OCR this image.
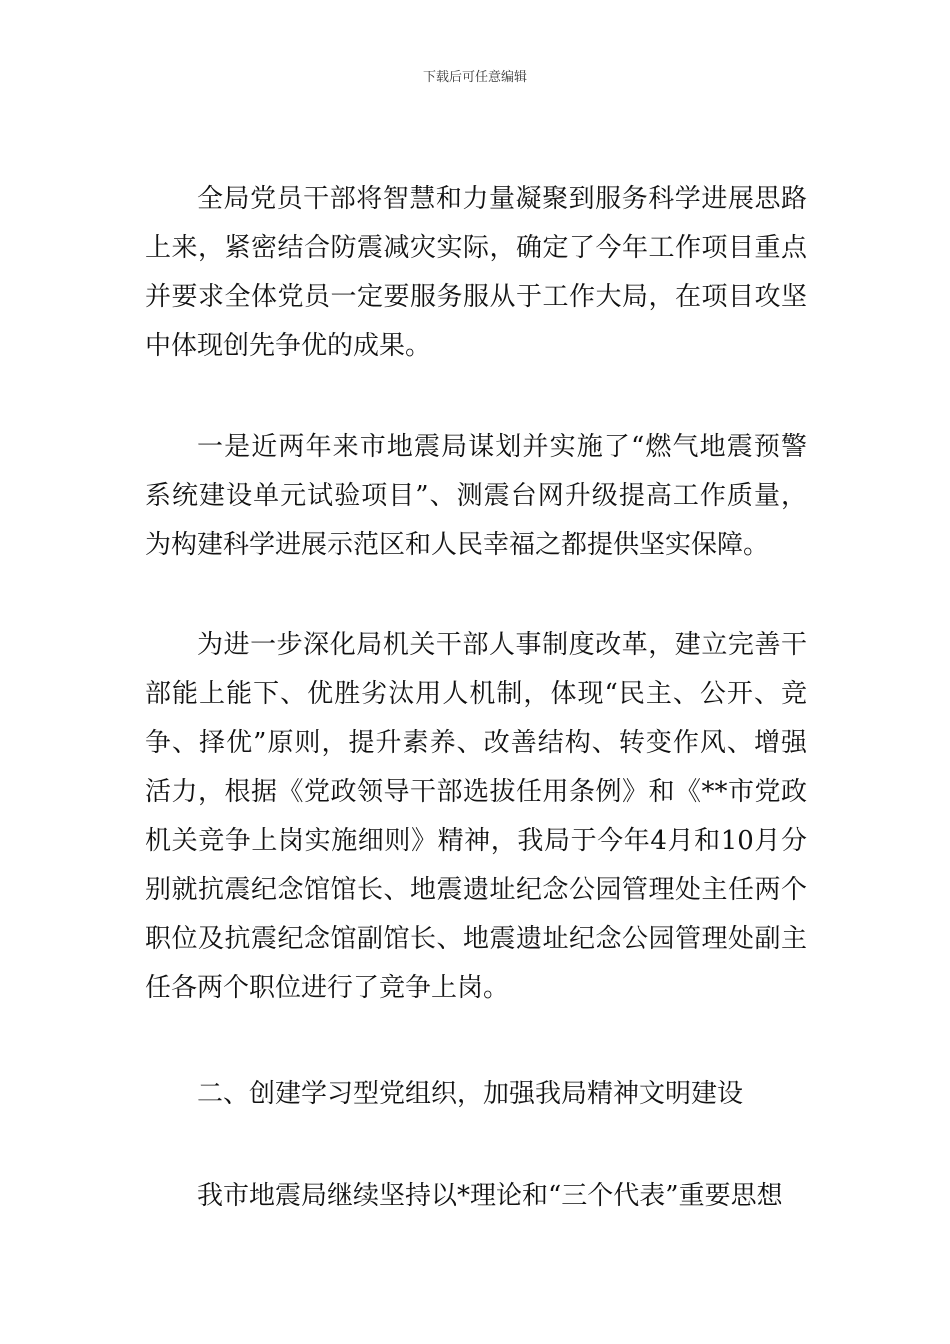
下载后可任意编辑

全局党员干部将智慧和力量凝聚到服务科学进展思路上来，紧密结合防震减灾实际，确定了今年工作项目重点并要求全体党员一定要服务服从于工作大局，在项目攻坚中体现创先争优的成果。

一是近两年来市地震局谋划并实施了“燃气地震预警系统建设单元试验项目”、测震台网升级提高工作质量，为构建科学进展示范区和人民幸福之都提供坚实保障。

为进一步深化局机关干部人事制度改革，建立完善干部能上能下、优胜劣汰用人机制，体现“民主、公开、竞争、择优”原则，提升素养、改善结构、转变作风、增强活力，根据《党政领导干部选拔任用条例》和《**市党政机关竞争上岗实施细则》精神，我局于今年4月和10月分别就抗震纪念馆馆长、地震遗址纪念公园管理处主任两个职位及抗震纪念馆副馆长、地震遗址纪念公园管理处副主任各两个职位进行了竞争上岗。

二、创建学习型党组织，加强我局精神文明建设

我市地震局继续坚持以*理论和“三个代表”重要思想
